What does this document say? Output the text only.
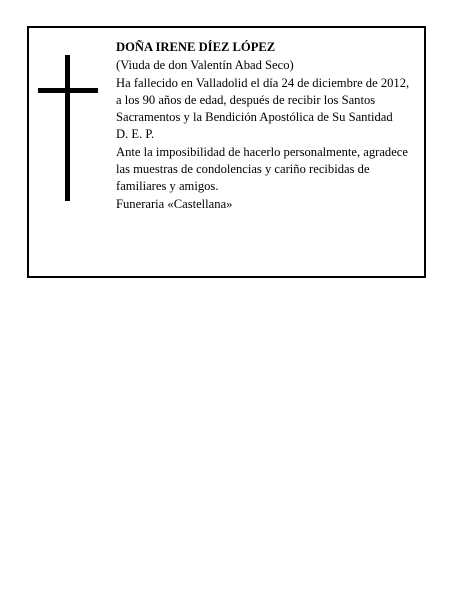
DOÑA IRENE DÍEZ LÓPEZ

(Viuda de don Valentín Abad Seco)

Ha fallecido en Valladolid el día 24 de diciembre de 2012, a los 90 años de edad, después de recibir los Santos Sacramentos y la Bendición Apostólica de Su Santidad

D. E. P.

Ante la imposibilidad de hacerlo personalmente, agradece las muestras de condolencias y cariño recibidas de familiares y amigos.

Funeraria «Castellana»
